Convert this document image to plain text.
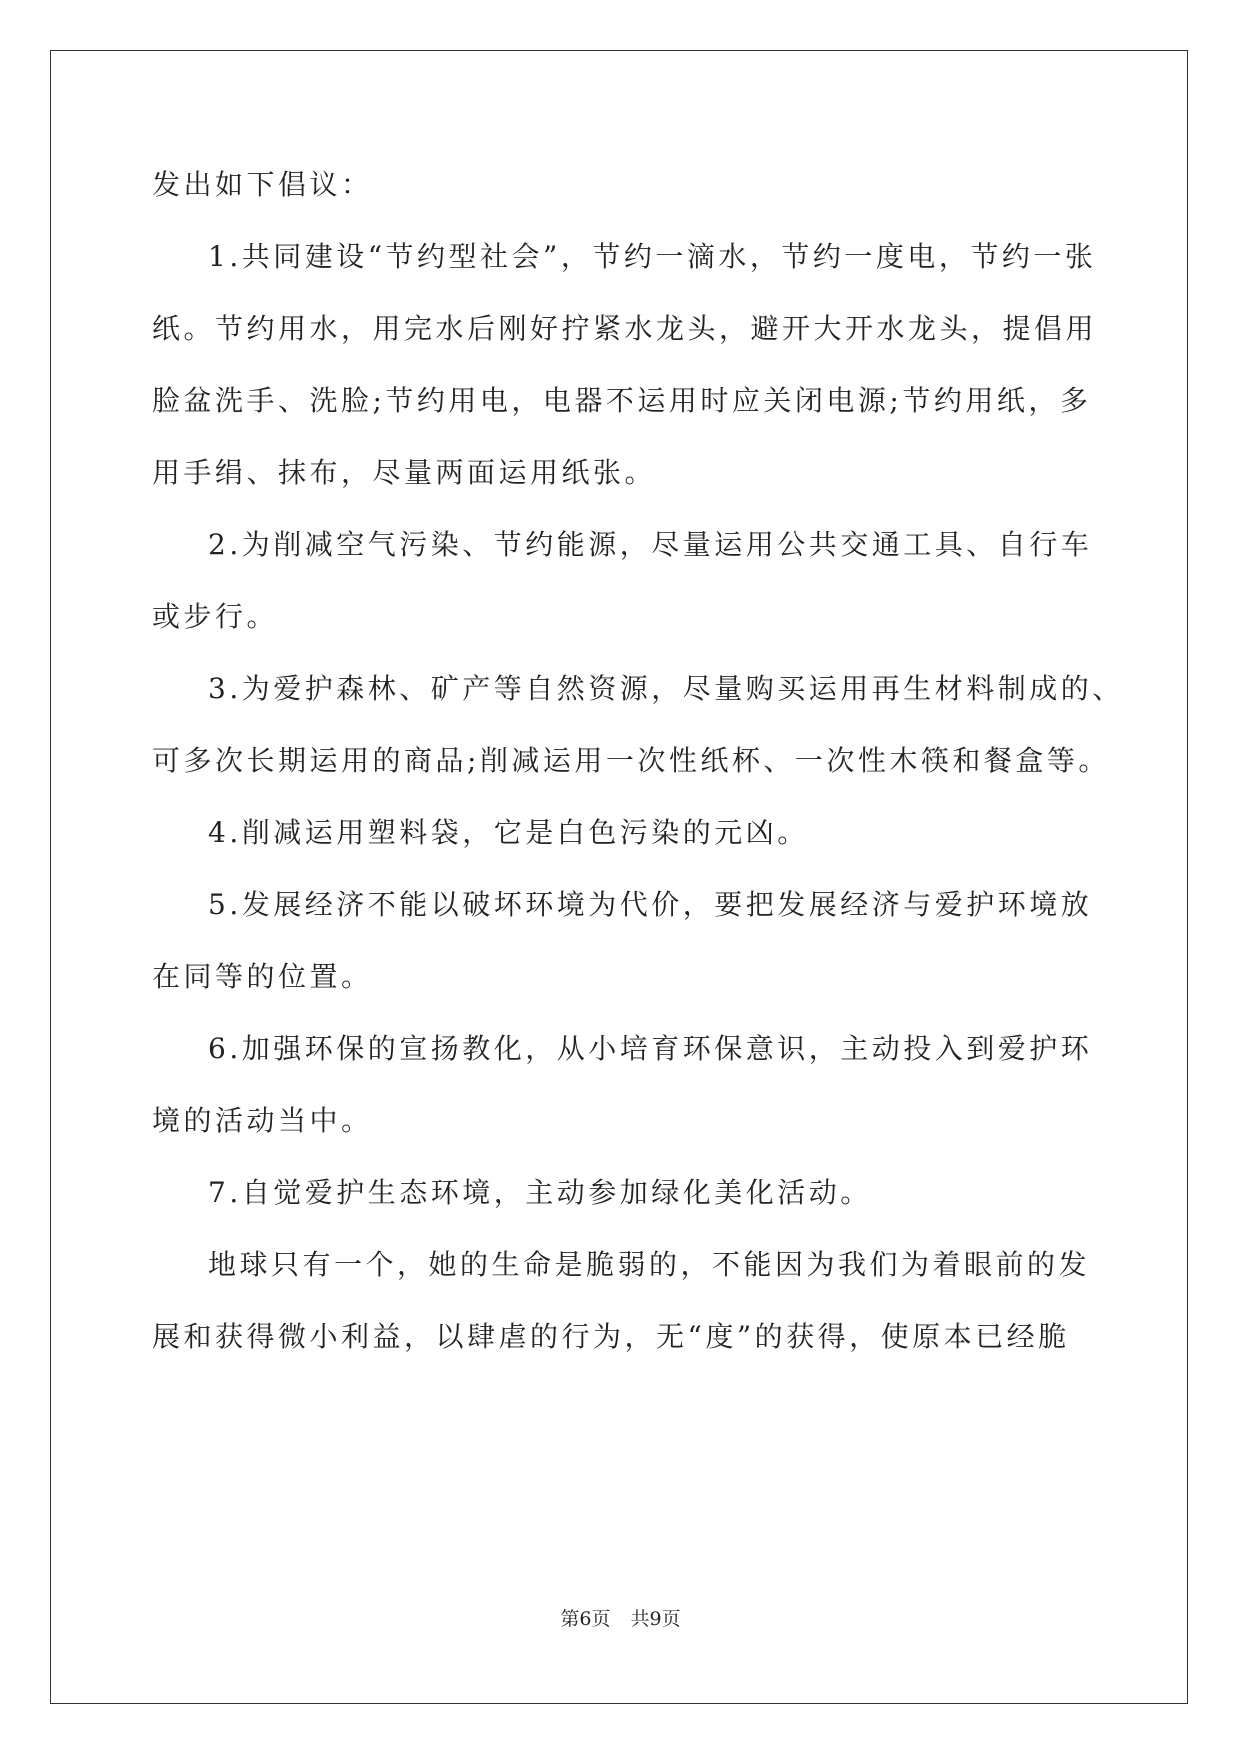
发出如下倡议：
1.共同建设“节约型社会”，节约一滴水，节约一度电，节约一张
纸。节约用水，用完水后刚好拧紧水龙头，避开大开水龙头，提倡用
脸盆洗手、洗脸;节约用电，电器不运用时应关闭电源;节约用纸，多
用手绢、抹布，尽量两面运用纸张。
2.为削减空气污染、节约能源，尽量运用公共交通工具、自行车
或步行。
3.为爱护森林、矿产等自然资源，尽量购买运用再生材料制成的、
可多次长期运用的商品;削减运用一次性纸杯、一次性木筷和餐盒等。
4.削减运用塑料袋，它是白色污染的元凶。
5.发展经济不能以破坏环境为代价，要把发展经济与爱护环境放
在同等的位置。
6.加强环保的宣扬教化，从小培育环保意识，主动投入到爱护环
境的活动当中。
7.自觉爱护生态环境，主动参加绿化美化活动。
地球只有一个，她的生命是脆弱的，不能因为我们为着眼前的发
展和获得微小利益，以肆虐的行为，无“度”的获得，使原本已经脆
第6页 共9页
